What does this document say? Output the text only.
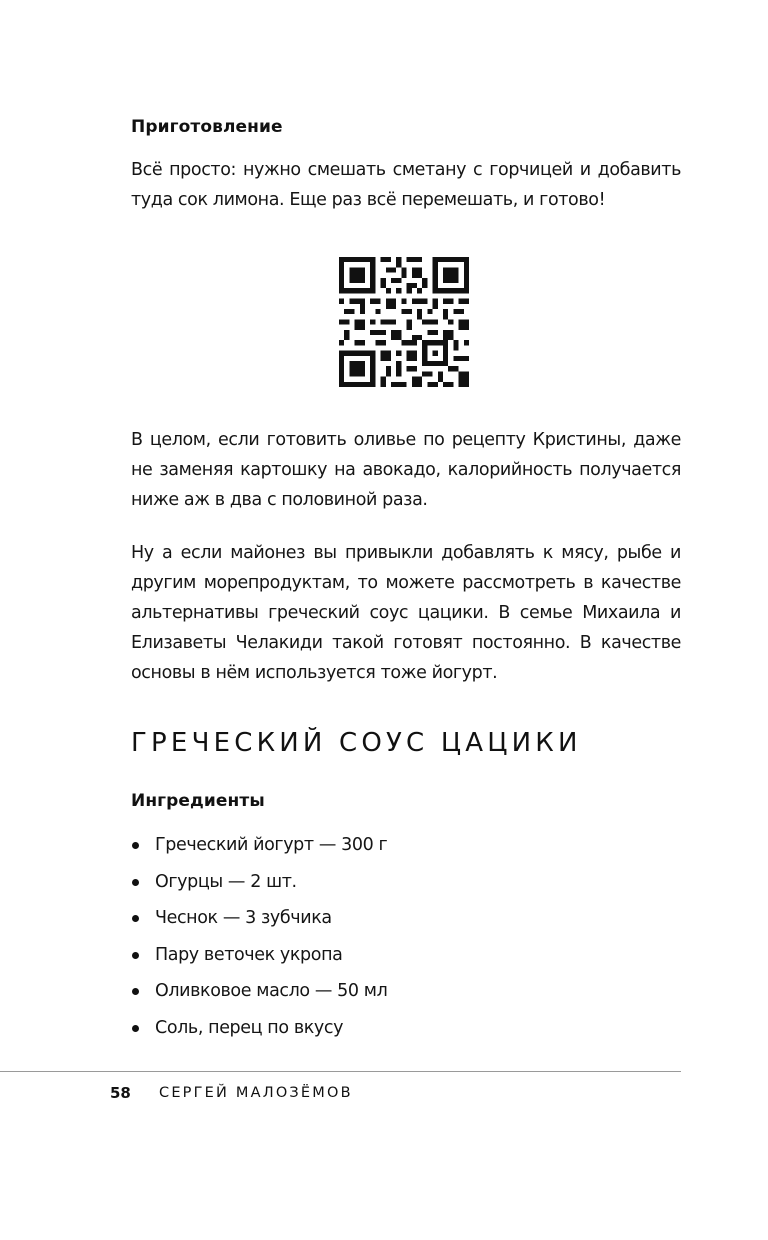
Приготовление
Всё просто: нужно смешать сметану с горчицей и добавить туда сок лимона. Еще раз всё перемешать, и готово!
В целом, если готовить оливье по рецепту Кристины, даже не заменяя картошку на авокадо, калорийность получается ниже аж в два с половиной раза.
Ну а если майонез вы привыкли добавлять к мясу, рыбе и другим морепродуктам, то можете рассмотреть в качестве альтернативы греческий соус цацики. В семье Михаила и Елизаветы Челакиди такой готовят постоянно. В качестве основы в нём используется тоже йогурт.
ГРЕЧЕСКИЙ СОУС ЦАЦИКИ
Ингредиенты
Греческий йогурт — 300 г
Огурцы — 2 шт.
Чеснок — 3 зубчика
Пару веточек укропа
Оливковое масло — 50 мл
Соль, перец по вкусу
58 СЕРГЕЙ МАЛОЗЁМОВ
